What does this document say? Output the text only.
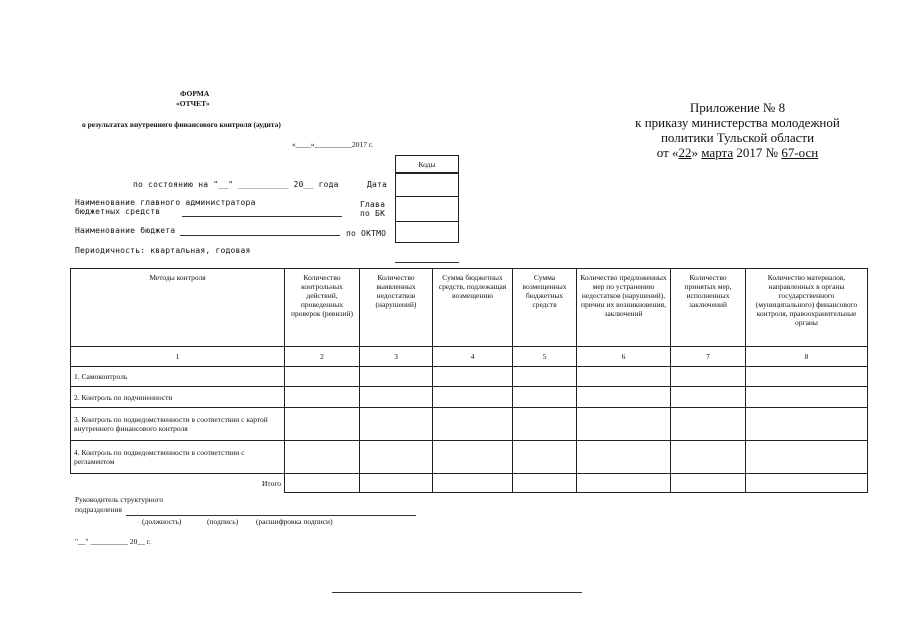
ФОРМА
«ОТЧЕТ»
о результатах внутреннего финансового контроля (аудита)
«____»__________2017 г.
Приложение № 8
к приказу министерства молодежной
политики Тульской области
от «22» марта 2017 № 67-осн
Коды
по состоянию на "__" __________ 20__ года	Дата
Наименование главного администратора
бюджетных средств
Глава
по БК
Наименование бюджета	по ОКТМО
Периодичность: квартальная, годовая
Методы контроля	Количество контрольных действий, проведенных проверок (ревизий)	Количество выявленных недостатков (нарушений)	Сумма бюджетных средств, подлежащая возмещению	Сумма возмещенных бюджетных средств	Количество предложенных мер по устранению недостатков (нарушений), причин их возникновения, заключений	Количество принятых мер, исполненных заключений	Количество материалов, направленных в органы государственного (муниципального) финансового контроля, правоохранительные органы
1	2	3	4	5	6	7	8
1. Самоконтроль							
2. Контроль по подчиненности							
3. Контроль по подведомственности в соответствии с картой внутреннего финансового контроля							
4. Контроль по подведомственности в соответствии с регламентом							
Итого							
Руководитель структурного
подразделения
(должность)	(подпись) (расшифровка подписи)
"__" __________ 20__ г.
